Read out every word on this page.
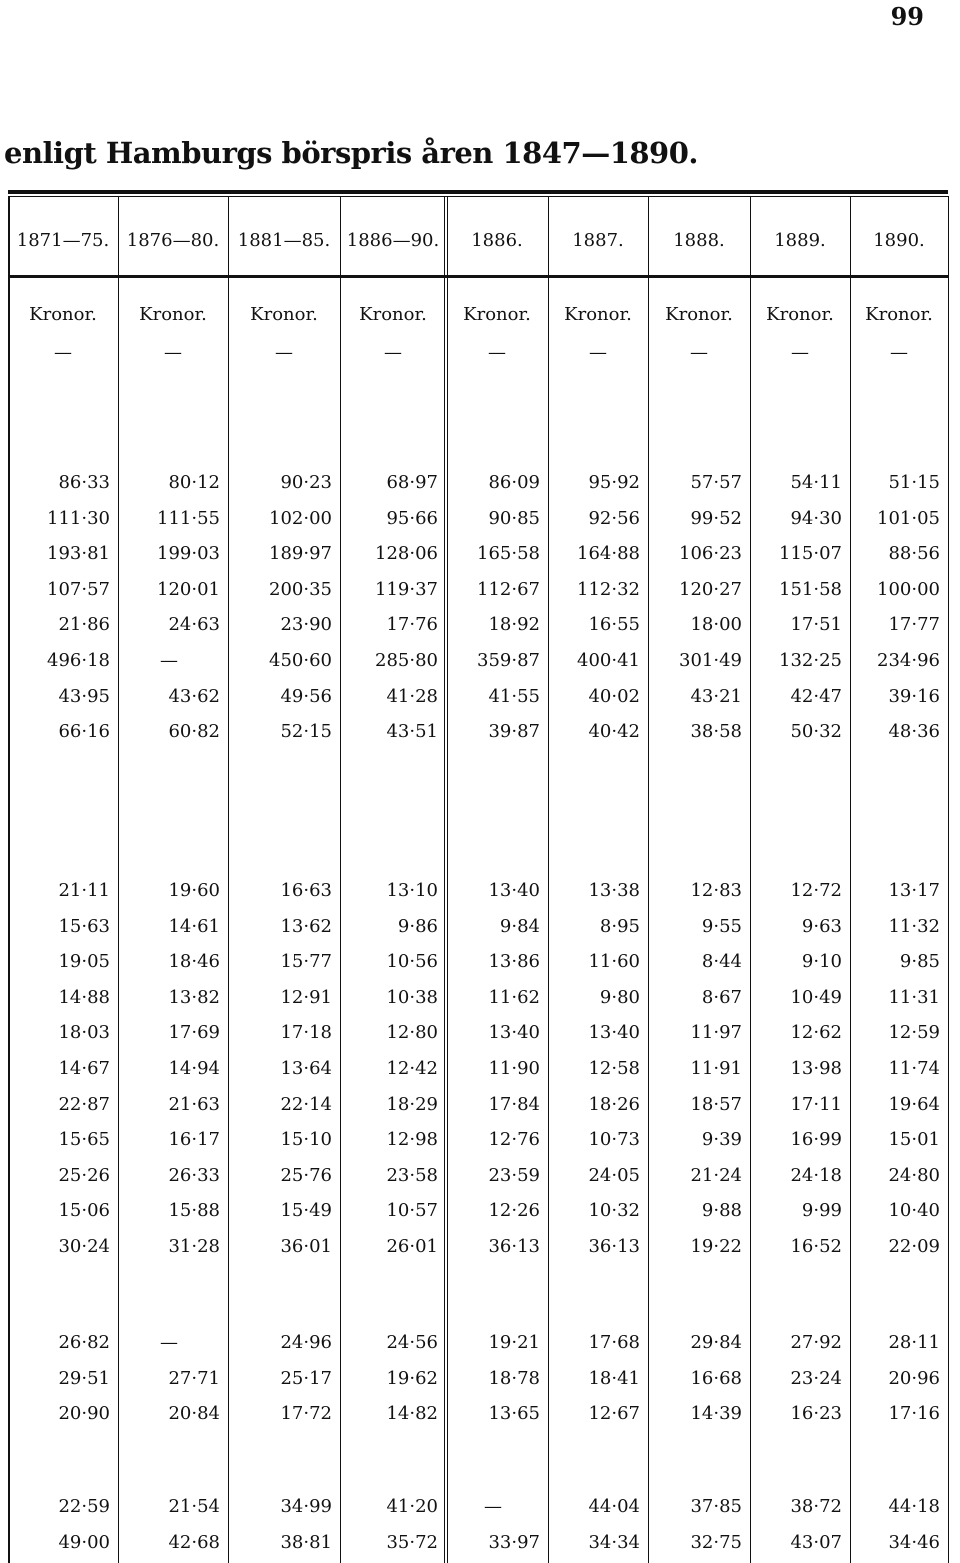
99
enligt Hamburgs börspris åren 1847—1890.
1871—75. 1876—80.	1881—85. 1886—90.	1886.	1887.	1888.	1889.	1890.
Kronor.	Kronor.	Kronor.	Kronor.	Kronor.	Kronor.	Kronor.	Kronor.	Kronor.
—	—	—	—	—	—	—	—	—
86·33	80·12	90·23	68·97	86·09	95·92	57·57	54·11	51·15
111·30	111·55	102·00	95·66	90·85	92·56	99·52	94·30	101·05
193·81	199·03	189·97	128·06	165·58	164·88	106·23	115·07	88·56
107·57	120·01	200·35	119·37	112·67	112·32	120·27	151·58	100·00
21·86	24·63	23·90	17·76	18·92	16·55	18·00	17·51	17·77
496·18	—	450·60	285·80	359·87	400·41	301·49	132·25	234·96
43·95	43·62	49·56	41·28	41·55	40·02	43·21	42·47	39·16
66·16	60·82	52·15	43·51	39·87	40·42	38·58	50·32	48·36
21·11	19·60	16·63	13·10	13·40	13·38	12·83	12·72	13·17
15·63	14·61	13·62	9·86	9·84	8·95	9·55	9·63	11·32
19·05	18·46	15·77	10·56	13·86	11·60	8·44	9·10	9·85
14·88	13·82	12·91	10·38	11·62	9·80	8·67	10·49	11·31
18·03	17·69	17·18	12·80	13·40	13·40	11·97	12·62	12·59
14·67	14·94	13·64	12·42	11·90	12·58	11·91	13·98	11·74
22·87	21·63	22·14	18·29	17·84	18·26	18·57	17·11	19·64
15·65	16·17	15·10	12·98	12·76	10·73	9·39	16·99	15·01
25·26	26·33	25·76	23·58	23·59	24·05	21·24	24·18	24·80
15·06	15·88	15·49	10·57	12·26	10·32	9·88	9·99	10·40
30·24	31·28	36·01	26·01	36·13	36·13	19·22	16·52	22·09
26·82	—	24·96	24·56	19·21	17·68	29·84	27·92	28·11
29·51	27·71	25·17	19·62	18·78	18·41	16·68	23·24	20·96
20·90	20·84	17·72	14·82	13·65	12·67	14·39	16·23	17·16
22·59	21·54	34·99	41·20	—	44·04	37·85	38·72	44·18
49·00	42·68	38·81	35·72	33·97	34·34	32·75	43·07	34·46
